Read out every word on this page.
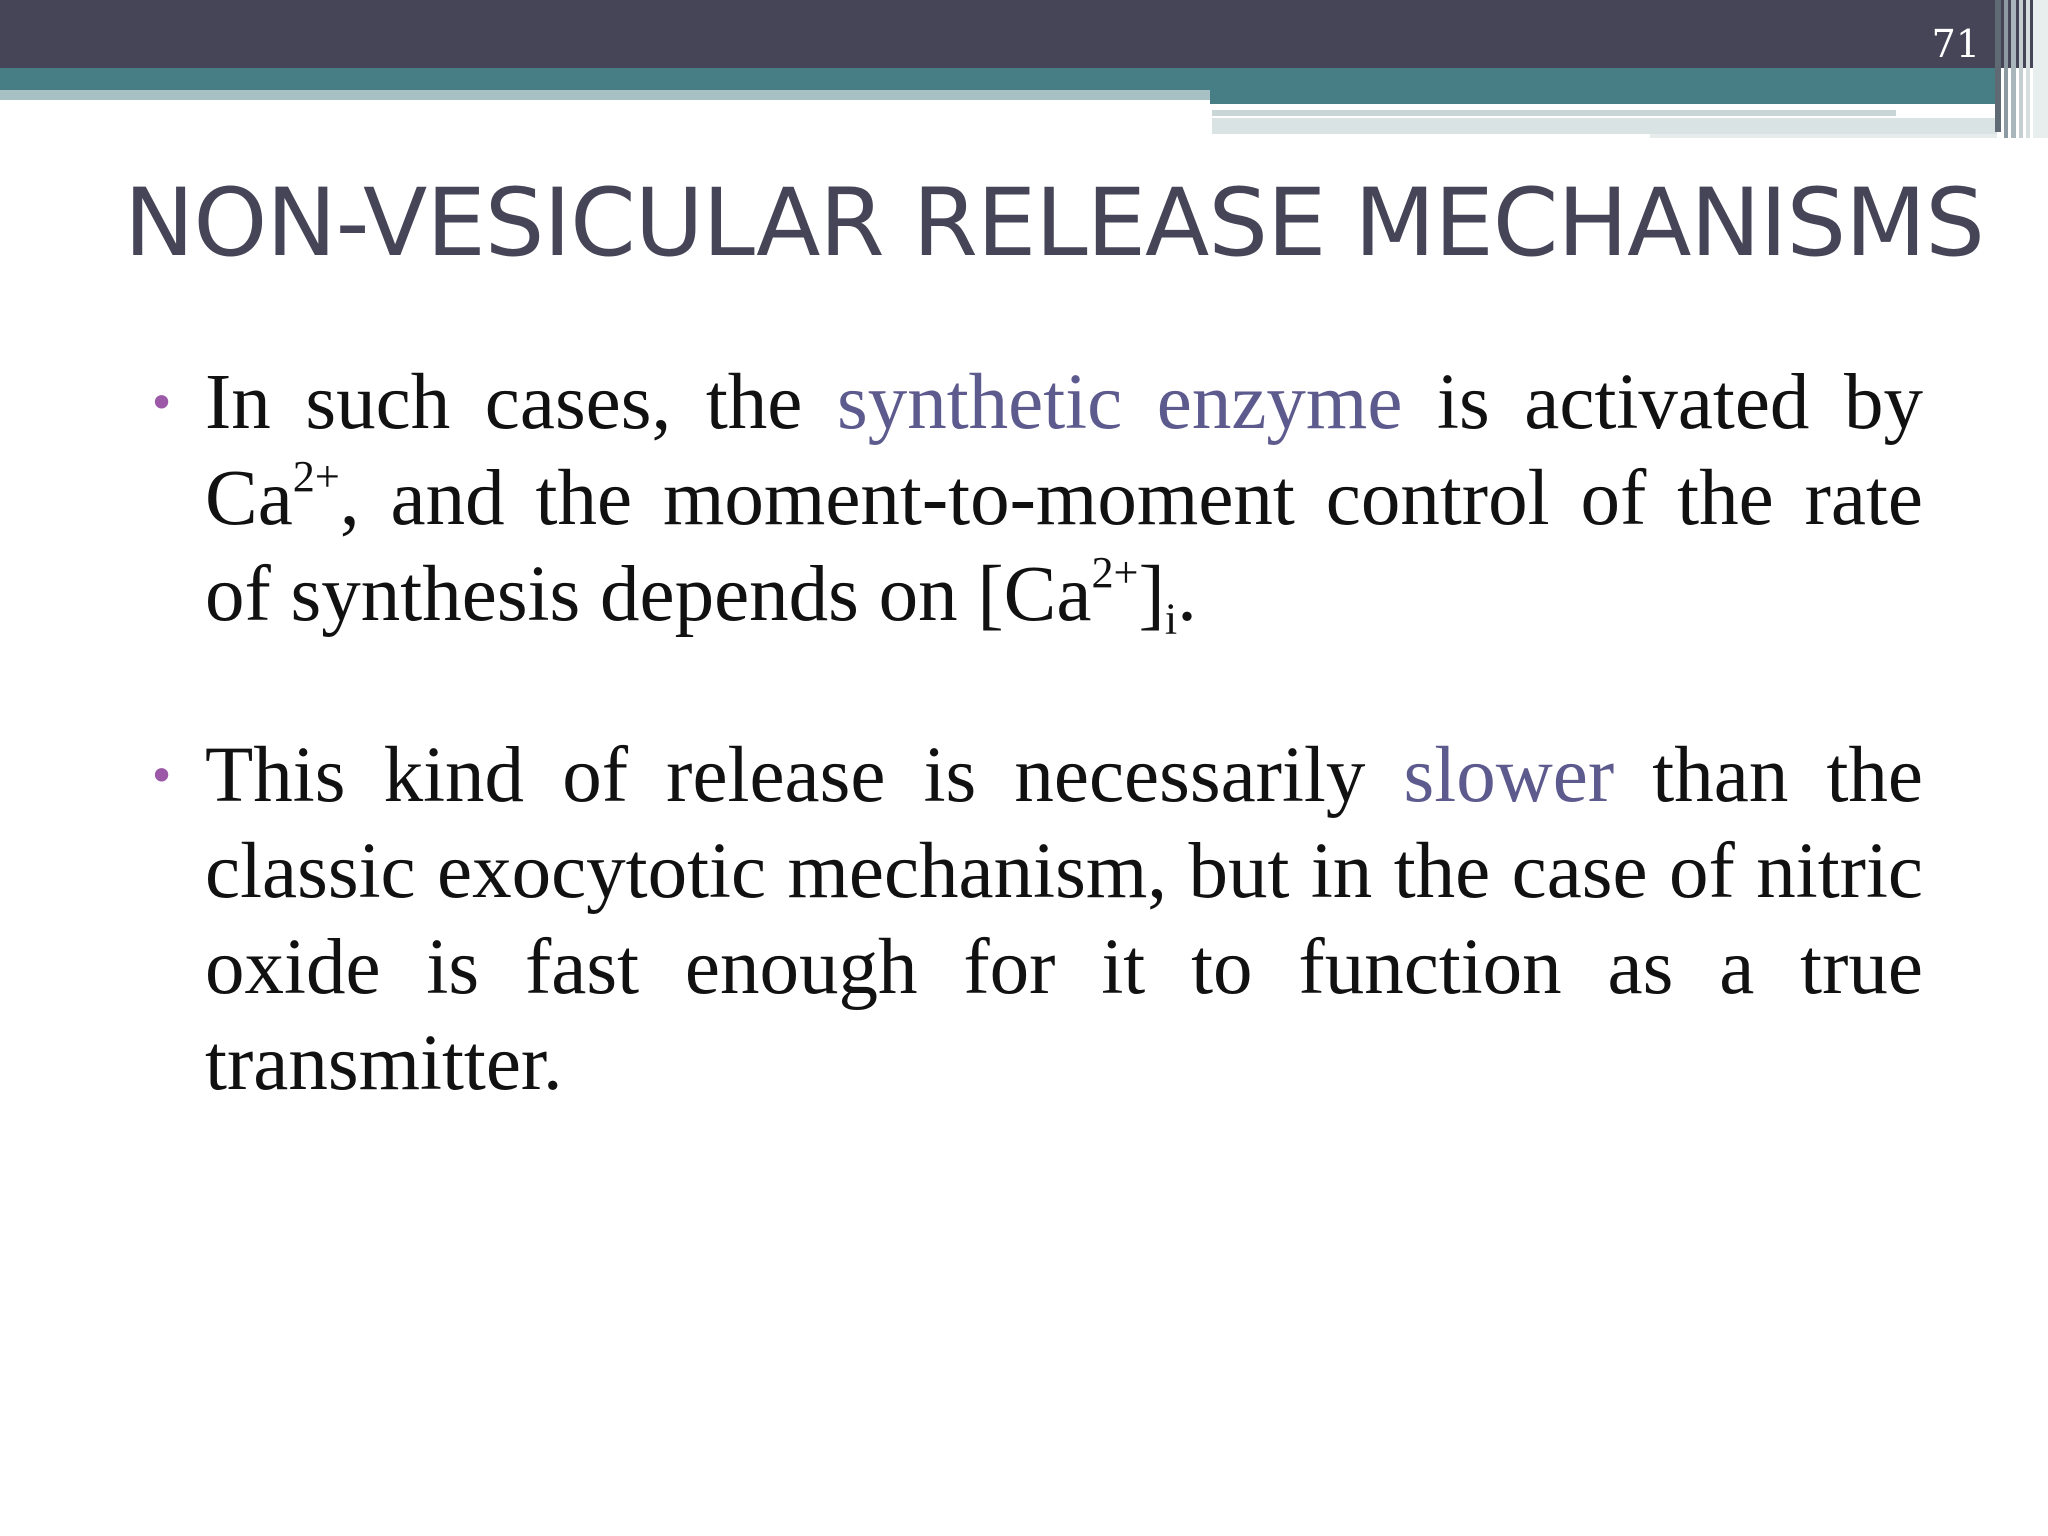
71
NON-VESICULAR RELEASE MECHANISMS
• In such cases, the synthetic enzyme is activated by $Ca^{2+}$, and the moment-to-moment control of the rate of synthesis depends on $[Ca^{2+}]_i$.
• This kind of release is necessarily slower than the classic exocytotic mechanism, but in the case of nitric oxide is fast enough for it to function as a true transmitter.
